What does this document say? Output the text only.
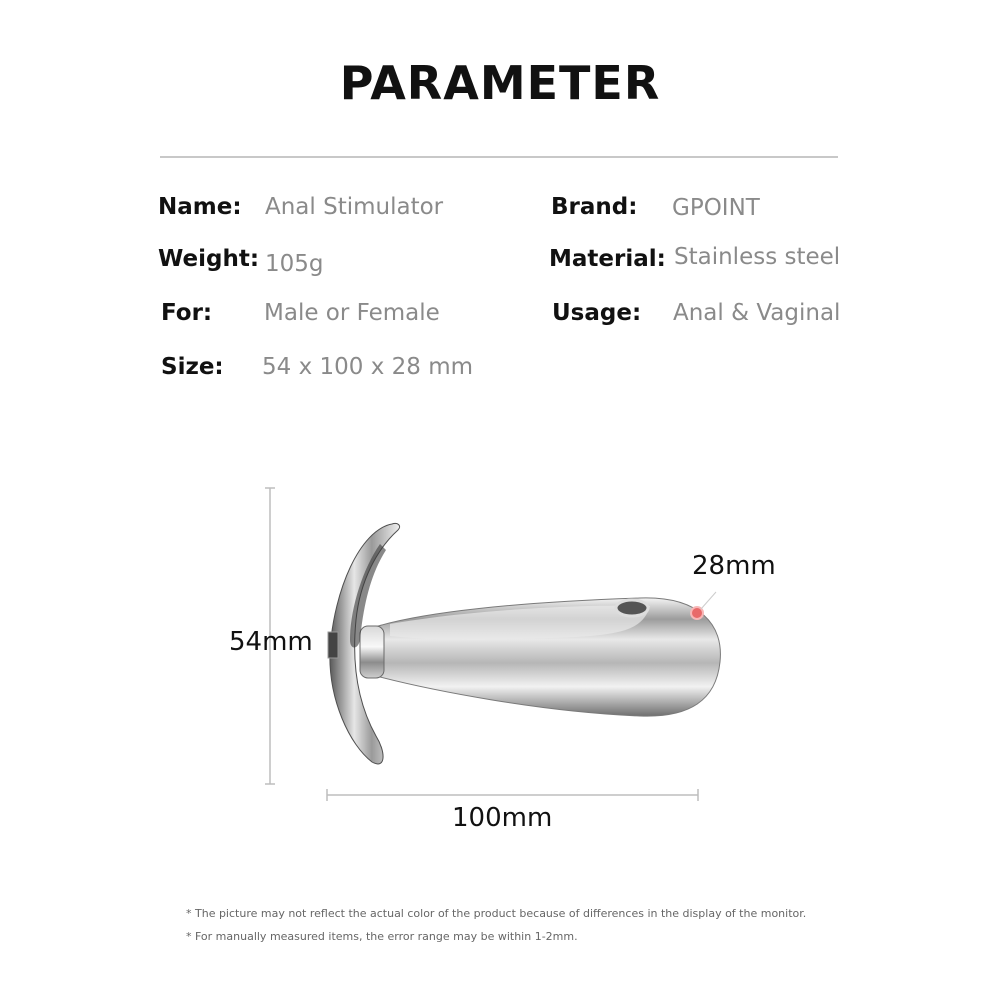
PARAMETER
Name: Anal Stimulator	Brand: GPOINT
Weight: 105g	Material: Stainless steel
For: Male or Female	Usage: Anal & Vaginal
Size: 54 x 100 x 28 mm
54mm
100mm
28mm
* The picture may not reflect the actual color of the product because of differences in the display of the monitor.
* For manually measured items, the error range may be within 1-2mm.
